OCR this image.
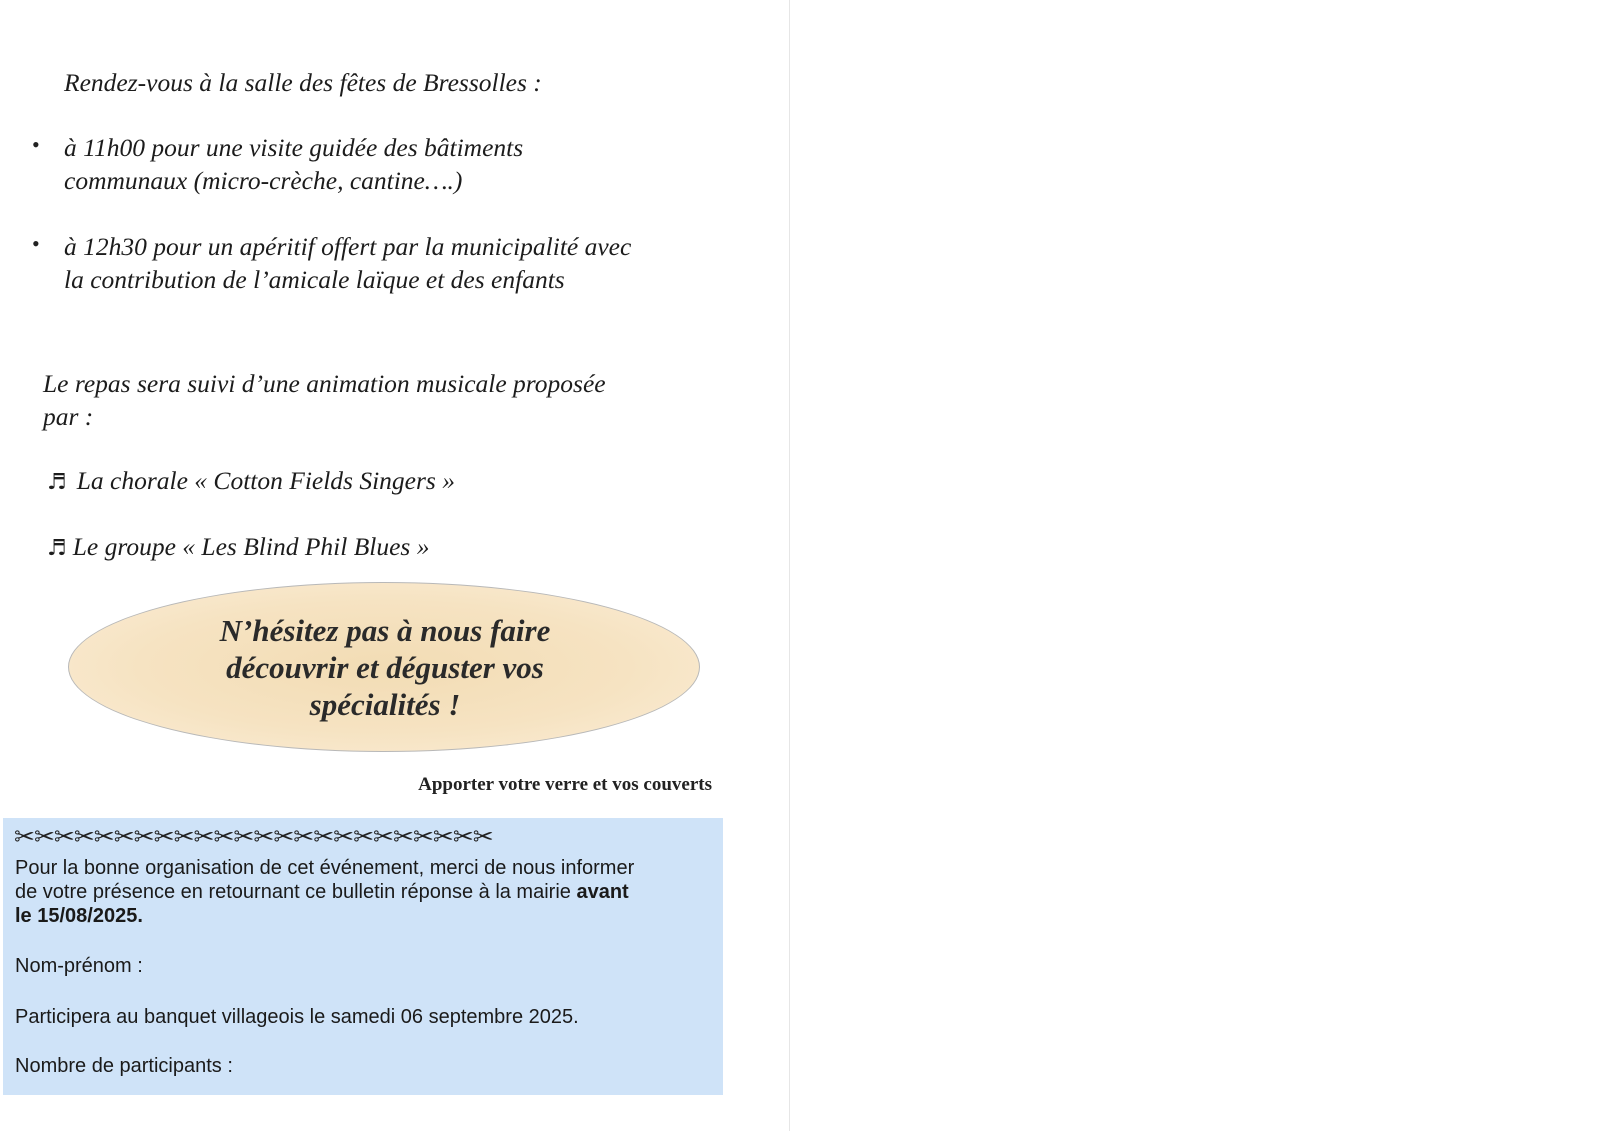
Rendez-vous à la salle des fêtes de Bressolles :
• à 11h00 pour une visite guidée des bâtiments
communaux (micro-crèche, cantine….)
• à 12h30 pour un apéritif offert par la municipalité avec
la contribution de l’amicale laïque et des enfants
Le repas sera suivi d’une animation musicale proposée
par :
♬ La chorale « Cotton Fields Singers »
♬ Le groupe « Les Blind Phil Blues »
N’hésitez pas à nous faire
découvrir et déguster vos
spécialités !
Apporter votre verre et vos couverts
✂✂✂✂✂✂✂✂✂✂✂✂✂✂✂✂✂✂✂✂✂✂✂✂
Pour la bonne organisation de cet événement, merci de nous informer
de votre présence en retournant ce bulletin réponse à la mairie avant
le 15/08/2025.
Nom-prénom :
Participera au banquet villageois le samedi 06 septembre 2025.
Nombre de participants :
